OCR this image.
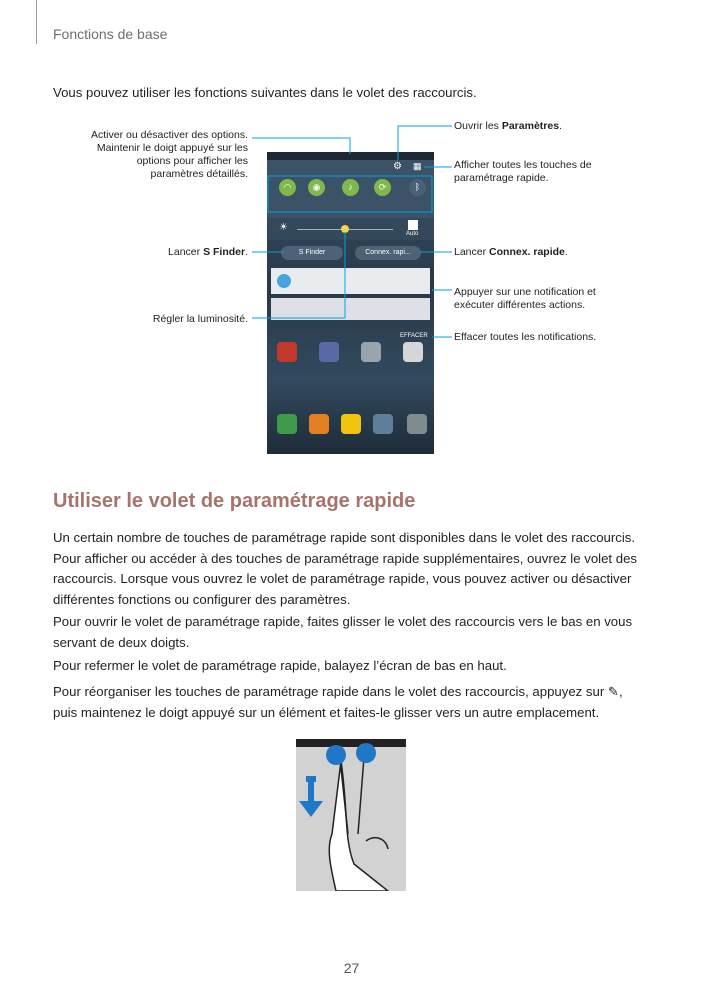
Fonctions de base
Vous pouvez utiliser les fonctions suivantes dans le volet des raccourcis.
Activer ou désactiver des options.
Maintenir le doigt appuyé sur les
options pour afficher les
paramètres détaillés.
Lancer S Finder.
Régler la luminosité.
Ouvrir les Paramètres.
Afficher toutes les touches de
paramétrage rapide.
Lancer Connex. rapide.
Appuyer sur une notification et
exécuter différentes actions.
Effacer toutes les notifications.
⚙ ▦
◠	◉	♪	⟳	ᛒ
☀
Auto
S Finder	Connex. rapi...
EFFACER
Utiliser le volet de paramétrage rapide
Un certain nombre de touches de paramétrage rapide sont disponibles dans le volet des raccourcis.
Pour afficher ou accéder à des touches de paramétrage rapide supplémentaires, ouvrez le volet des
raccourcis. Lorsque vous ouvrez le volet de paramétrage rapide, vous pouvez activer ou désactiver
différentes fonctions ou configurer des paramètres.
Pour ouvrir le volet de paramétrage rapide, faites glisser le volet des raccourcis vers le bas en vous
servant de deux doigts.
Pour refermer le volet de paramétrage rapide, balayez l’écran de bas en haut.
Pour réorganiser les touches de paramétrage rapide dans le volet des raccourcis, appuyez sur ✎,
puis maintenez le doigt appuyé sur un élément et faites-le glisser vers un autre emplacement.
27
